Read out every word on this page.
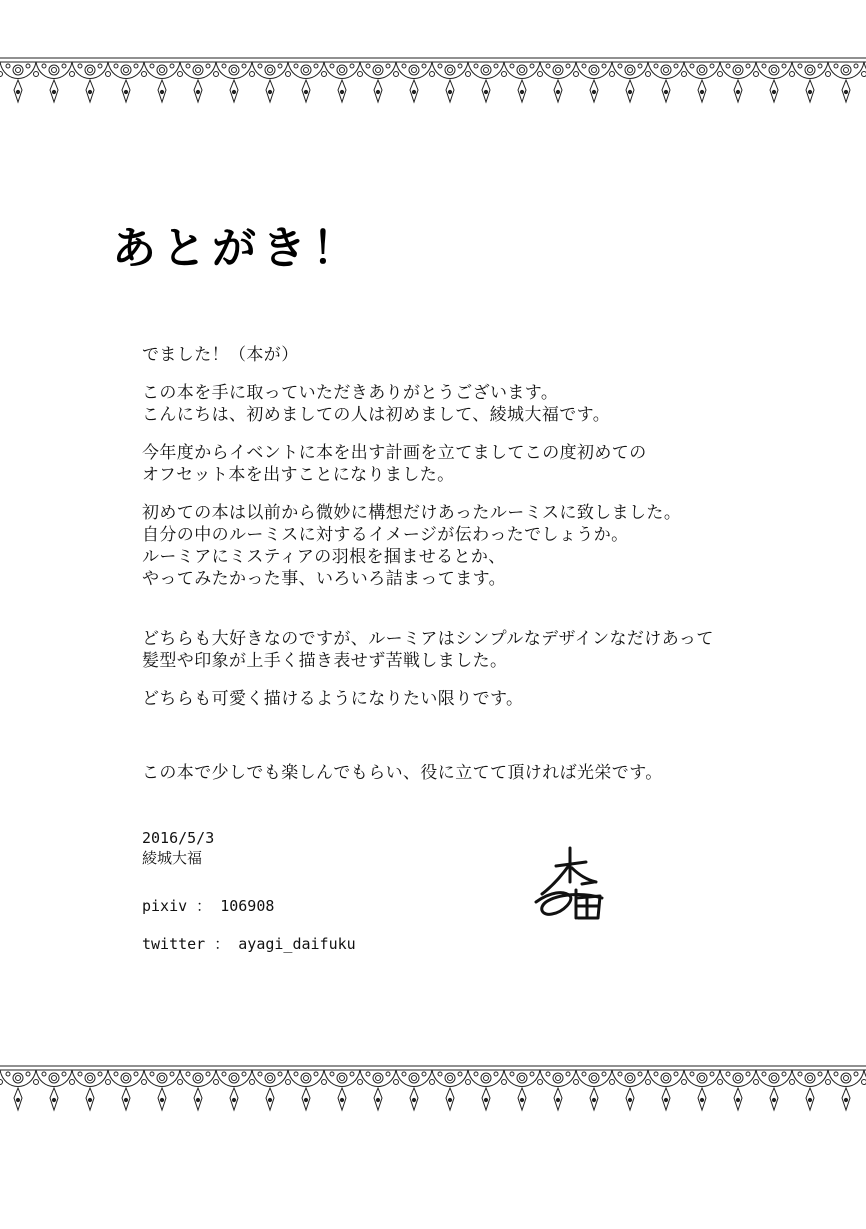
あとがき！

でました！（本が）

この本を手に取っていただきありがとうございます。

こんにちは、初めましての人は初めまして、綾城大福です。

今年度からイベントに本を出す計画を立てましてこの度初めての

オフセット本を出すことになりました。

初めての本は以前から微妙に構想だけあったルーミスに致しました。

自分の中のルーミスに対するイメージが伝わったでしょうか。

ルーミアにミスティアの羽根を掴ませるとか、

やってみたかった事、いろいろ詰まってます。

どちらも大好きなのですが、ルーミアはシンプルなデザインなだけあって

髪型や印象が上手く描き表せず苦戦しました。

どちらも可愛く描けるようになりたい限りです。

この本で少しでも楽しんでもらい、役に立てて頂ければ光栄です。

2016/5/3
綾城大福
pixiv ： 106908
twitter ： ayagi_daifuku
